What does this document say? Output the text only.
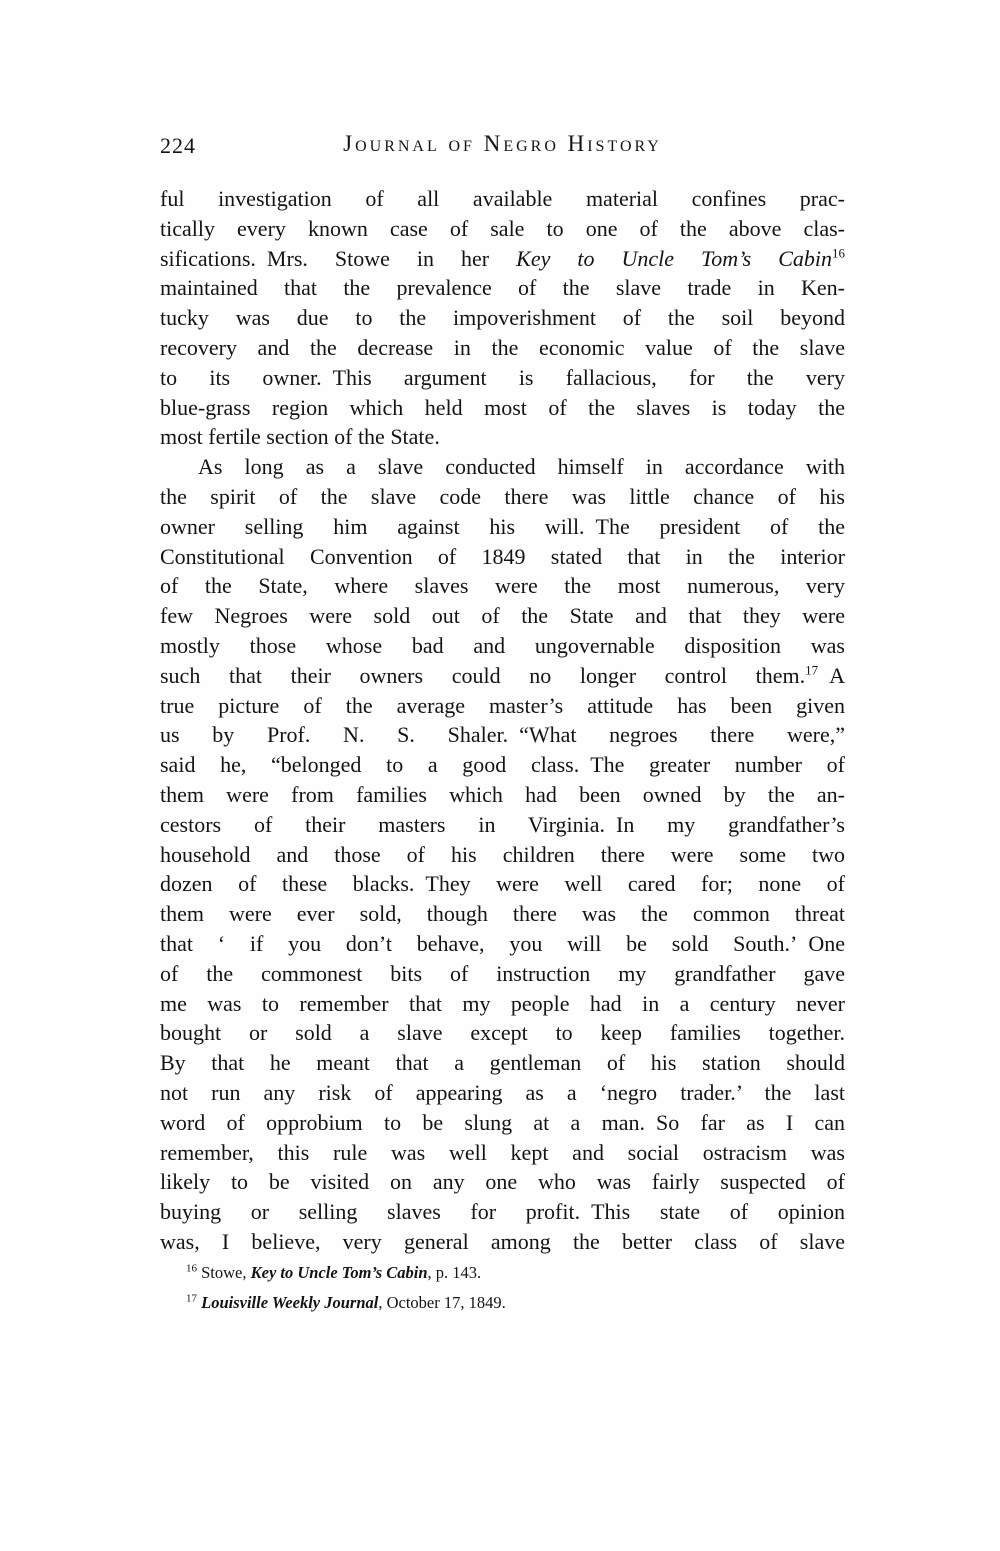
224	Journal of Negro History
ful investigation of all available material confines prac-
tically every known case of sale to one of the above clas-
sifications. Mrs. Stowe in her Key to Uncle Tom’s Cabin$^{16}$
maintained that the prevalence of the slave trade in Ken-
tucky was due to the impoverishment of the soil beyond
recovery and the decrease in the economic value of the slave
to its owner. This argument is fallacious, for the very
blue-grass region which held most of the slaves is today the
most fertile section of the State.
As long as a slave conducted himself in accordance with
the spirit of the slave code there was little chance of his
owner selling him against his will. The president of the
Constitutional Convention of 1849 stated that in the interior
of the State, where slaves were the most numerous, very
few Negroes were sold out of the State and that they were
mostly those whose bad and ungovernable disposition was
such that their owners could no longer control them.$^{17}$ A
true picture of the average master’s attitude has been given
us by Prof. N. S. Shaler. “What negroes there were,”
said he, “belonged to a good class. The greater number of
them were from families which had been owned by the an-
cestors of their masters in Virginia. In my grandfather’s
household and those of his children there were some two
dozen of these blacks. They were well cared for; none of
them were ever sold, though there was the common threat
that ‘ if you don’t behave, you will be sold South.’ One
of the commonest bits of instruction my grandfather gave
me was to remember that my people had in a century never
bought or sold a slave except to keep families together.
By that he meant that a gentleman of his station should
not run any risk of appearing as a ‘negro trader.’ the last
word of opprobium to be slung at a man. So far as I can
remember, this rule was well kept and social ostracism was
likely to be visited on any one who was fairly suspected of
buying or selling slaves for profit. This state of opinion
was, I believe, very general among the better class of slave
$^{16}$ Stowe, Key to Uncle Tom’s Cabin, p. 143.
$^{17}$ Louisville Weekly Journal, October 17, 1849.
